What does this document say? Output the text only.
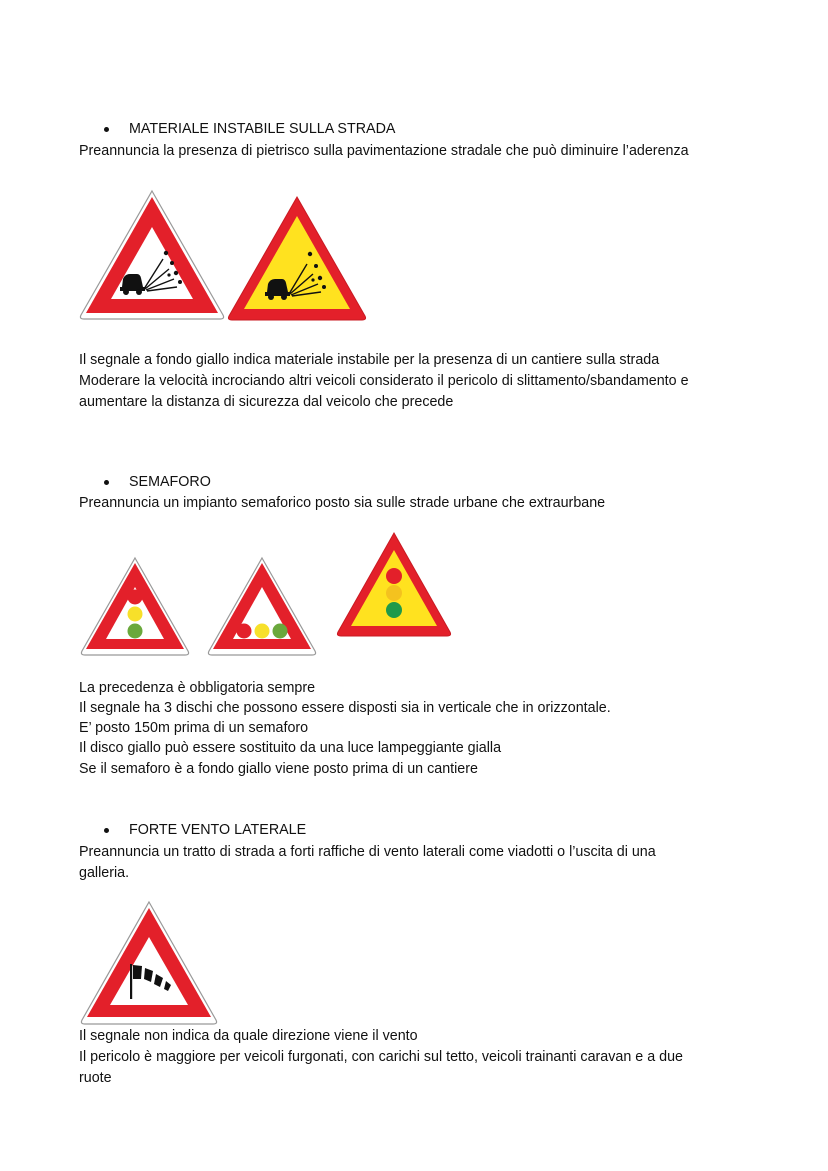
MATERIALE INSTABILE SULLA STRADA

Preannuncia la presenza di pietrisco sulla pavimentazione stradale che può diminuire l’aderenza

Il segnale a fondo giallo indica materiale instabile per la presenza di un cantiere sulla strada

Moderare la velocità incrociando altri veicoli considerato il pericolo di slittamento/sbandamento e

aumentare la distanza di sicurezza dal veicolo che precede

SEMAFORO

Preannuncia un impianto semaforico posto sia sulle strade urbane che extraurbane

La precedenza è obbligatoria sempre

Il segnale ha 3 dischi che possono essere disposti sia in verticale che in orizzontale.

E’ posto 150m prima di un semaforo

Il disco giallo può essere sostituito da una luce lampeggiante gialla

Se il semaforo è a fondo giallo viene posto prima di un cantiere

FORTE VENTO LATERALE

Preannuncia un tratto di strada a forti raffiche di vento laterali come viadotti o l’uscita di una

galleria.

Il segnale non indica da quale direzione viene il vento

Il pericolo è maggiore per veicoli furgonati, con carichi sul tetto, veicoli trainanti caravan e a due

ruote
